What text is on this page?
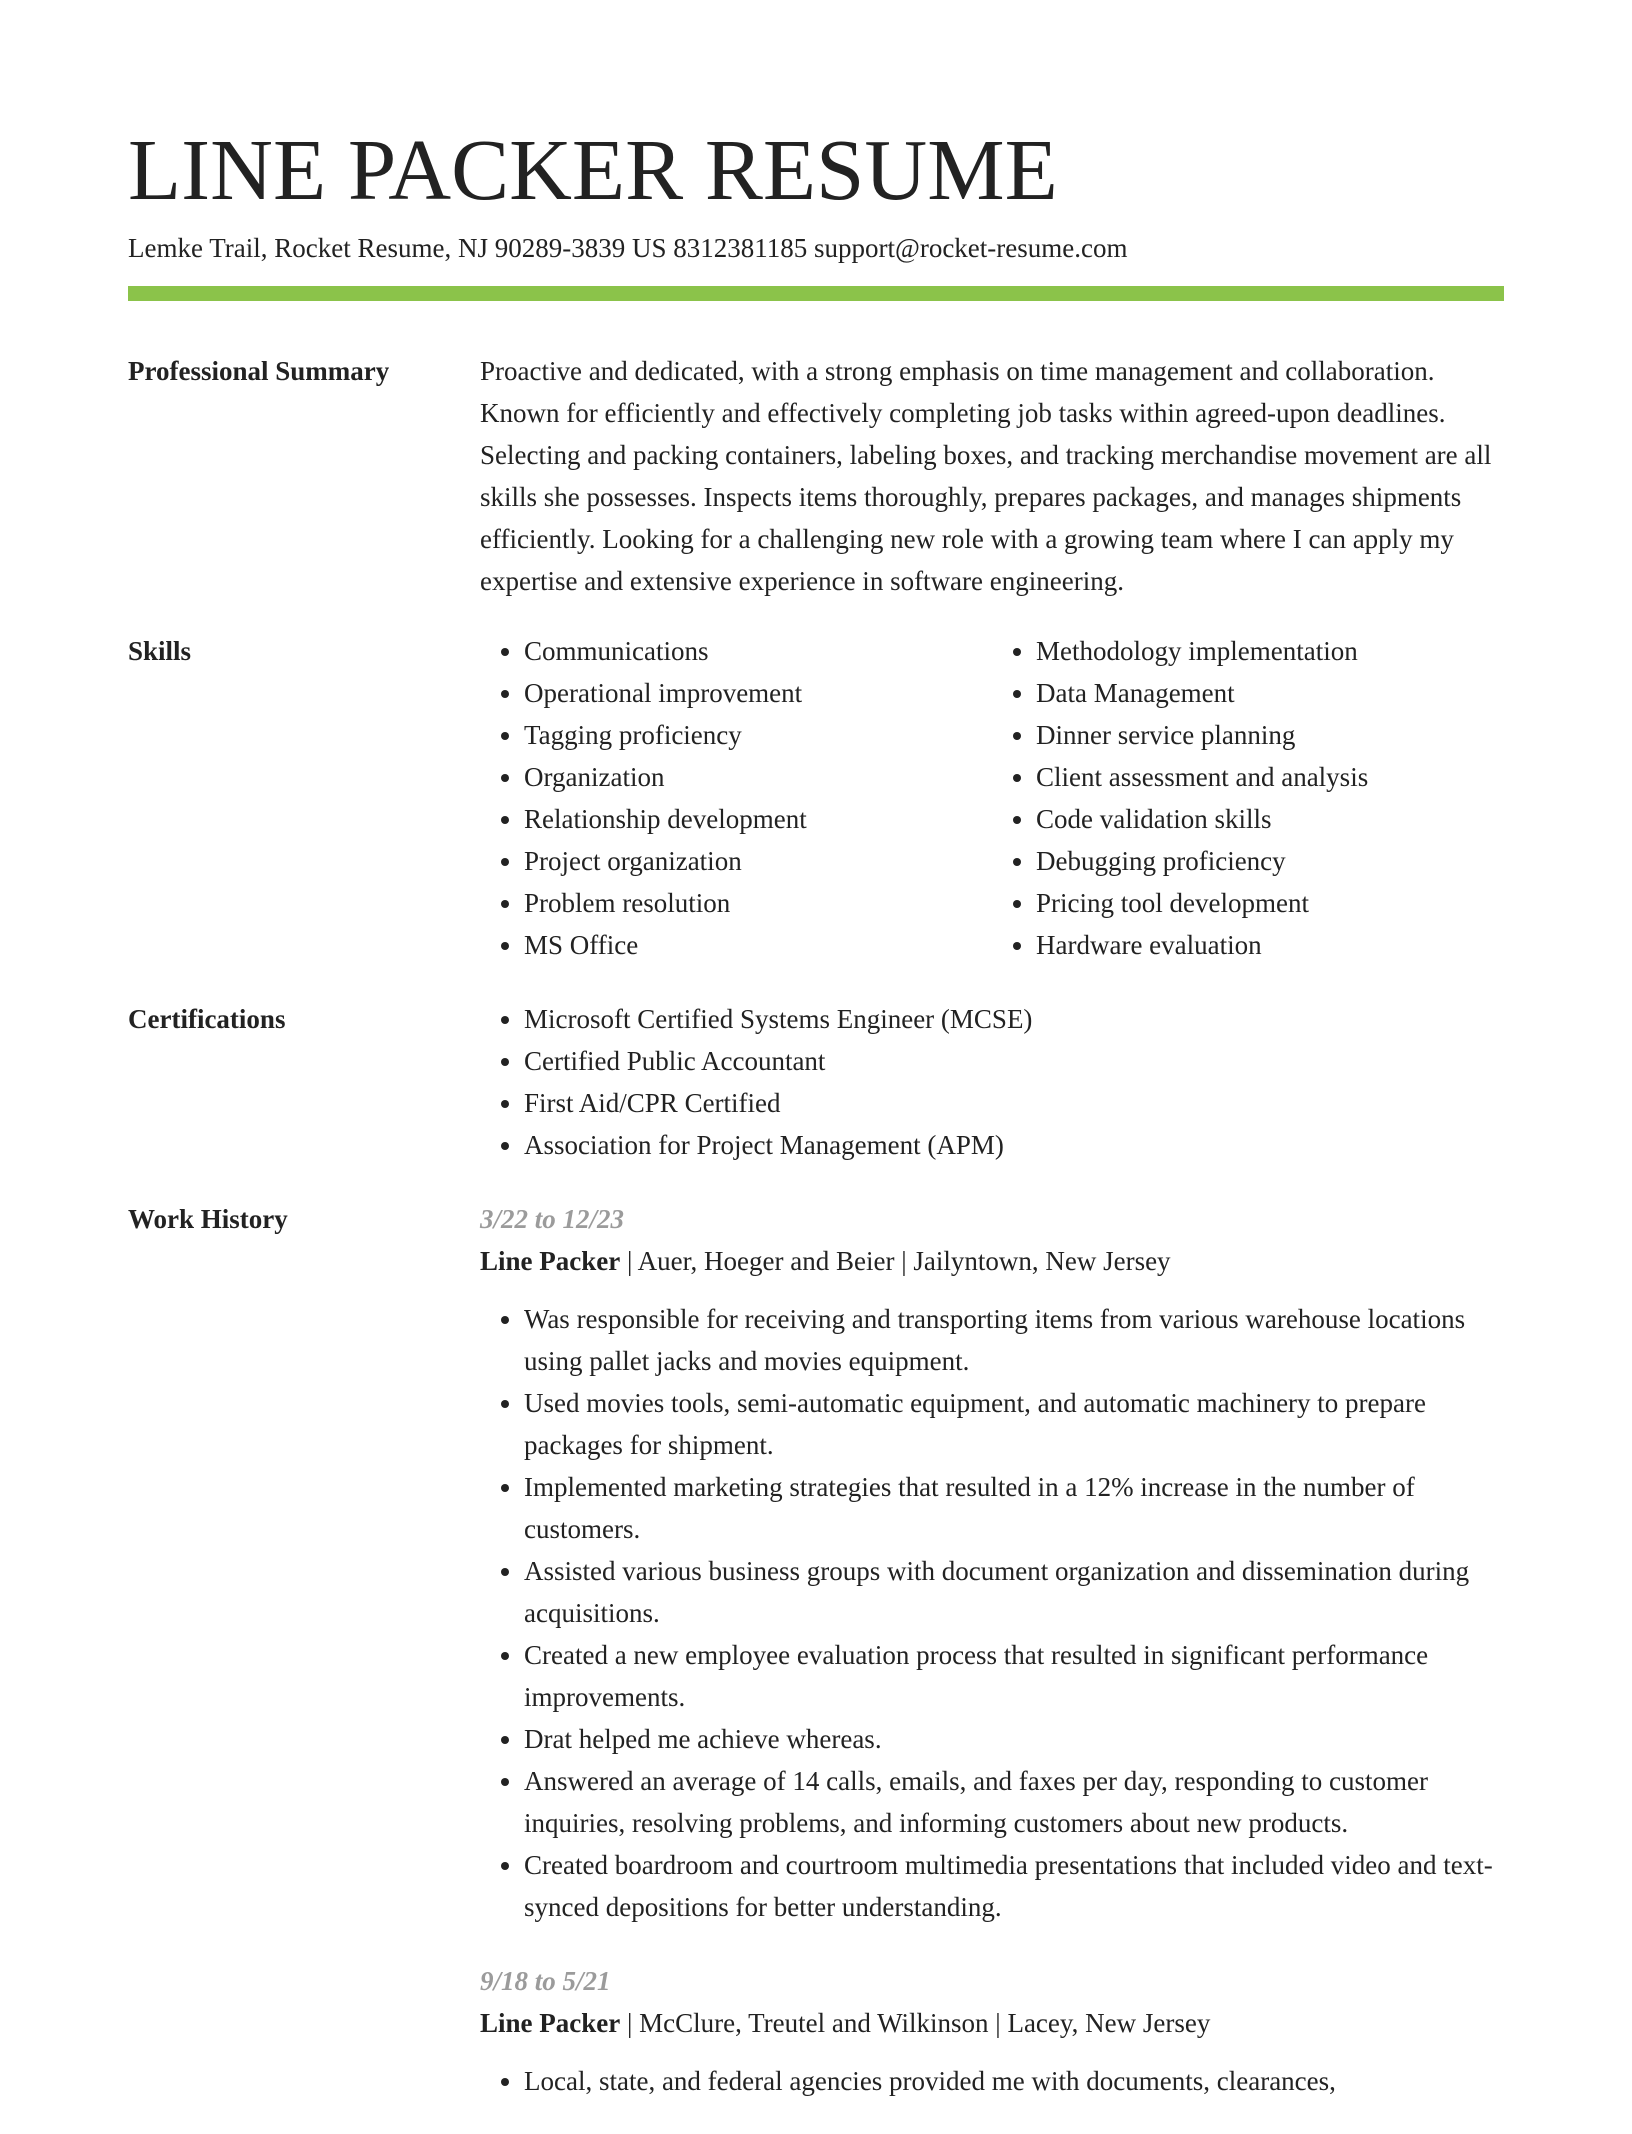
LINE PACKER RESUME
Lemke Trail, Rocket Resume, NJ 90289-3839 US 8312381185 support@rocket-resume.com
Professional Summary	Proactive and dedicated, with a strong emphasis on time management and collaboration. Known for efficiently and effectively completing job tasks within agreed-upon deadlines. Selecting and packing containers, labeling boxes, and tracking merchandise movement are all skills she possesses. Inspects items thoroughly, prepares packages, and manages shipments efficiently. Looking for a challenging new role with a growing team where I can apply my expertise and extensive experience in software engineering.

Skills	• Communications
• Operational improvement
• Tagging proficiency
• Organization
• Relationship development
• Project organization
• Problem resolution
• MS Office
• Methodology implementation
• Data Management
• Dinner service planning
• Client assessment and analysis
• Code validation skills
• Debugging proficiency
• Pricing tool development
• Hardware evaluation
Certifications	• Microsoft Certified Systems Engineer (MCSE)
• Certified Public Accountant
• First Aid/CPR Certified
• Association for Project Management (APM)
Work History	3/22 to 12/23

Line Packer | Auer, Hoeger and Beier | Jailyntown, New Jersey

• Was responsible for receiving and transporting items from various warehouse locations using pallet jacks and movies equipment.
• Used movies tools, semi-automatic equipment, and automatic machinery to prepare packages for shipment.
• Implemented marketing strategies that resulted in a 12% increase in the number of customers.
• Assisted various business groups with document organization and dissemination during acquisitions.
• Created a new employee evaluation process that resulted in significant performance improvements.
• Drat helped me achieve whereas.
• Answered an average of 14 calls, emails, and faxes per day, responding to customer inquiries, resolving problems, and informing customers about new products.
• Created boardroom and courtroom multimedia presentations that included video and text-synced depositions for better understanding.

9/18 to 5/21

Line Packer | McClure, Treutel and Wilkinson | Lacey, New Jersey

• Local, state, and federal agencies provided me with documents, clearances,
